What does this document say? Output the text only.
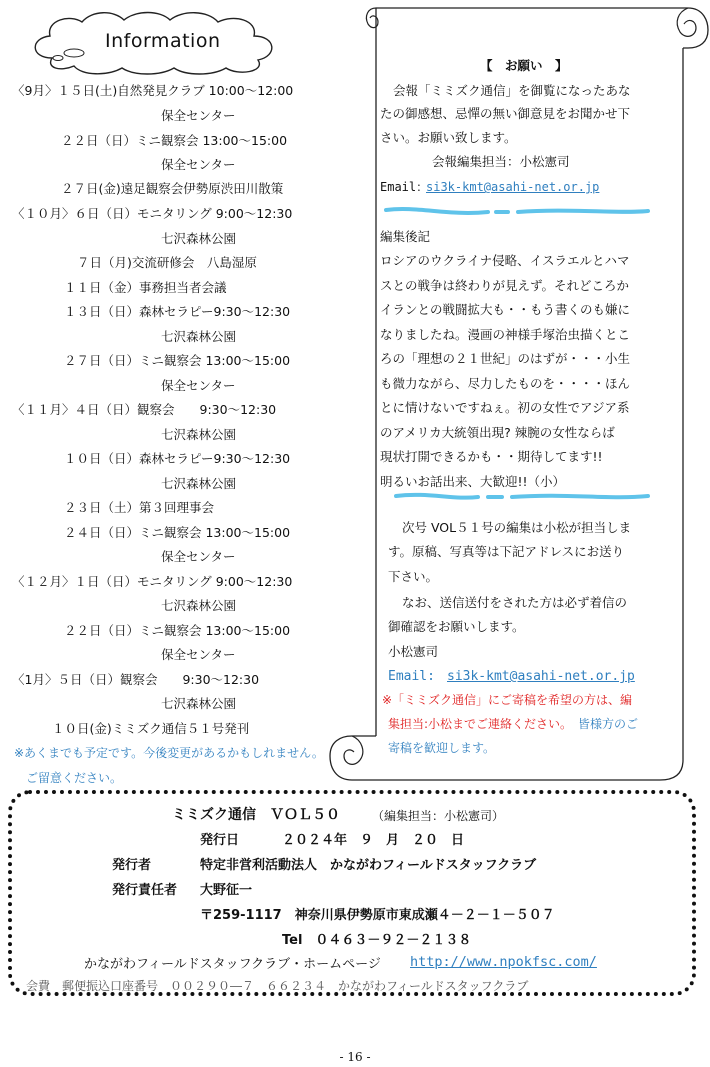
Information
〈9月〉１５日(土)自然発見クラブ 10:00～12:00
保全センター
２２日（日）ミニ観察会 13:00～15:00
保全センター
２７日(金)遠足観察会伊勢原渋田川散策
〈１０月〉６日（日）モニタリング 9:00～12:30
七沢森林公園
７日（月)交流研修会　八島湿原
１１日（金）事務担当者会議
１３日（日）森林セラピー9:30～12:30
七沢森林公園
２７日（日）ミニ観察会 13:00～15:00
保全センター
〈１１月〉４日（日）観察会　　9:30～12:30
七沢森林公園
１０日（日）森林セラピー9:30～12:30
七沢森林公園
２３日（土）第３回理事会
２４日（日）ミニ観察会 13:00～15:00
保全センター
〈１２月〉１日（日）モニタリング 9:00～12:30
七沢森林公園
２２日（日）ミニ観察会 13:00～15:00
保全センター
〈1月〉５日（日）観察会　　9:30～12:30
七沢森林公園
１０日(金)ミミズク通信５１号発刊
※あくまでも予定です。今後変更があるかもしれません。
ご留意ください。
【　お願い　】
会報「ミミズク通信」を御覧になったあな
たの御感想、忌憚の無い御意見をお聞かせ下
さい。お願い致します。
会報編集担当：小松憲司
Email：
si3k-kmt@asahi-net.or.jp
編集後記
ロシアのウクライナ侵略、イスラエルとハマ
スとの戦争は終わりが見えず。それどころか
イランとの戦闘拡大も・・もう書くのも嫌に
なりましたね。漫画の神様手塚治虫描くとこ
ろの「理想の２１世紀」のはずが・・・小生
も微力ながら、尽力したものを・・・・ほん
とに情けないですねぇ。初の女性でアジア系
のアメリカ大統領出現? 辣腕の女性ならば
現状打開できるかも・・期待してます!!
明るいお話出来、大歓迎!!（小）
次号 VOL５１号の編集は小松が担当しま
す。原稿、写真等は下記アドレスにお送り
下さい。
なお、送信送付をされた方は必ず着信の
御確認をお願いします。
小松憲司
Email: si3k-kmt@asahi-net.or.jp
※「ミミズク通信」にご寄稿を希望の方は、編
集担当:小松までご連絡ください。 皆様方のご
寄稿を歓迎します。
ミミズク通信　ＶＯＬ５０	（編集担当：小松憲司）
発行日	２０２４年　９　月　２０　日
発行者	特定非営利活動法人　かながわフィールドスタッフクラブ
発行責任者 大野征一
〒259-1117　神奈川県伊勢原市東成瀬４－２－１－５０７
Tel　０４６３－９２－２１３８
かながわフィールドスタッフクラブ・ホームページ http://www.npokfsc.com/
会費　郵便振込口座番号　００２９０―７　６６２３４　かながわフィールドスタッフクラブ
- 16 -
